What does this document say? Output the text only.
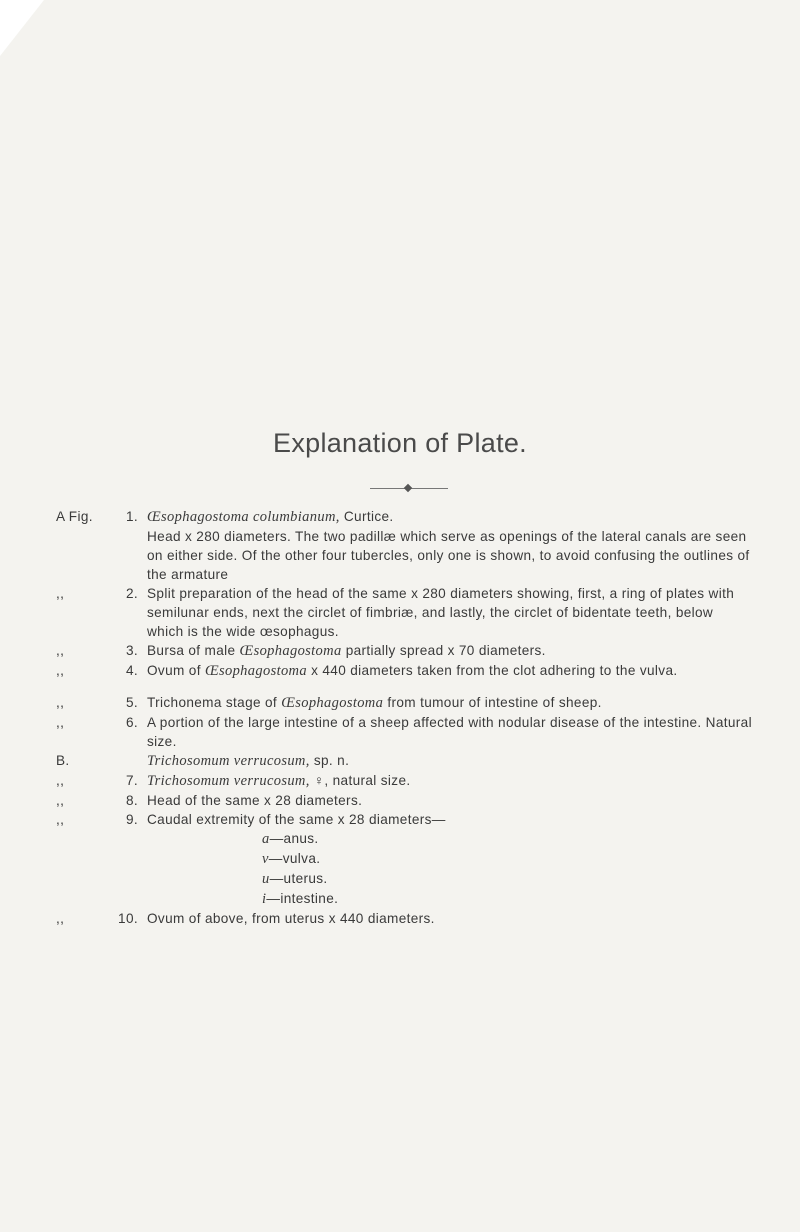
Explanation of Plate.
A Fig.	1. Œsophagostoma columbianum, Curtice.
Head x 280 diameters. The two padillæ which serve as openings of the lateral canals are seen on either side. Of the other four tubercles, only one is shown, to avoid confusing the outlines of the armature
,,	2. Split preparation of the head of the same x 280 diameters showing, first, a ring of plates with semilunar ends, next the circlet of fimbriæ, and lastly, the circlet of bidentate teeth, below which is the wide œsophagus.
,,	3. Bursa of male Œsophagostoma partially spread x 70 diameters.
,,	4. Ovum of Œsophagostoma x 440 diameters taken from the clot adhering to the vulva.
,,	5. Trichonema stage of Œsophagostoma from tumour of intestine of sheep.
,,	6. A portion of the large intestine of a sheep affected with nodular disease of the intestine. Natural size.
B.	Trichosomum verrucosum, sp. n.
,,	7. Trichosomum verrucosum, ♀, natural size.
,,	8. Head of the same x 28 diameters.
,,	9. Caudal extremity of the same x 28 diameters—
a—anus.
v—vulva.
u—uterus.
i—intestine.
,,	10. Ovum of above, from uterus x 440 diameters.
